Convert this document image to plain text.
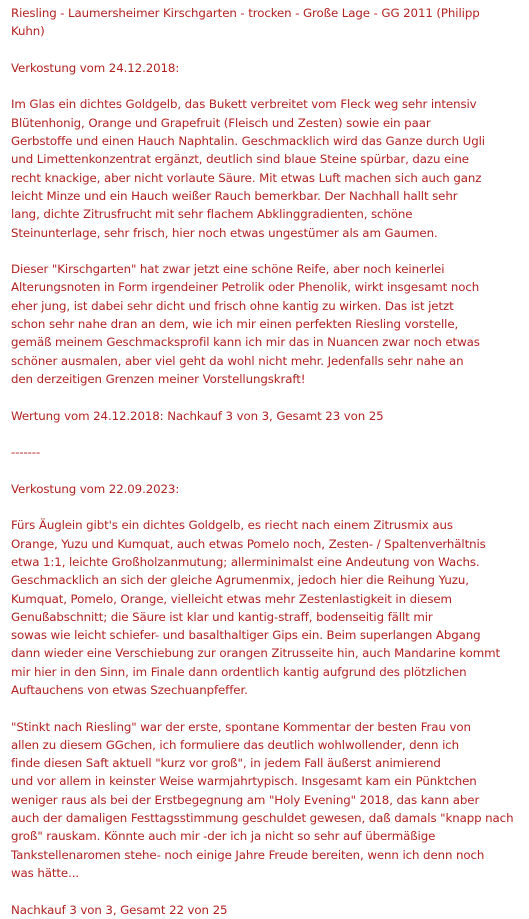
Riesling - Laumersheimer Kirschgarten - trocken - Große Lage - GG 2011 (Philipp
Kuhn)
Verkostung vom 24.12.2018:
Im Glas ein dichtes Goldgelb, das Bukett verbreitet vom Fleck weg sehr intensiv
Blütenhonig, Orange und Grapefruit (Fleisch und Zesten) sowie ein paar
Gerbstoffe und einen Hauch Naphtalin. Geschmacklich wird das Ganze durch Ugli
und Limettenkonzentrat ergänzt, deutlich sind blaue Steine spürbar, dazu eine
recht knackige, aber nicht vorlaute Säure. Mit etwas Luft machen sich auch ganz
leicht Minze und ein Hauch weißer Rauch bemerkbar. Der Nachhall hallt sehr
lang, dichte Zitrusfrucht mit sehr flachem Abklinggradienten, schöne
Steinunterlage, sehr frisch, hier noch etwas ungestümer als am Gaumen.
Dieser "Kirschgarten" hat zwar jetzt eine schöne Reife, aber noch keinerlei
Alterungsnoten in Form irgendeiner Petrolik oder Phenolik, wirkt insgesamt noch
eher jung, ist dabei sehr dicht und frisch ohne kantig zu wirken. Das ist jetzt
schon sehr nahe dran an dem, wie ich mir einen perfekten Riesling vorstelle,
gemäß meinem Geschmacksprofil kann ich mir das in Nuancen zwar noch etwas
schöner ausmalen, aber viel geht da wohl nicht mehr. Jedenfalls sehr nahe an
den derzeitigen Grenzen meiner Vorstellungskraft!
Wertung vom 24.12.2018: Nachkauf 3 von 3, Gesamt 23 von 25
-------
Verkostung vom 22.09.2023:
Fürs Äuglein gibt's ein dichtes Goldgelb, es riecht nach einem Zitrusmix aus
Orange, Yuzu und Kumquat, auch etwas Pomelo noch, Zesten- / Spaltenverhältnis
etwa 1:1, leichte Großholzanmutung; allerminimalst eine Andeutung von Wachs.
Geschmacklich an sich der gleiche Agrumenmix, jedoch hier die Reihung Yuzu,
Kumquat, Pomelo, Orange, vielleicht etwas mehr Zestenlastigkeit in diesem
Genußabschnitt; die Säure ist klar und kantig-straff, bodenseitig fällt mir
sowas wie leicht schiefer- und basalthaltiger Gips ein. Beim superlangen Abgang
dann wieder eine Verschiebung zur orangen Zitrusseite hin, auch Mandarine kommt
mir hier in den Sinn, im Finale dann ordentlich kantig aufgrund des plötzlichen
Auftauchens von etwas Szechuanpfeffer.
"Stinkt nach Riesling" war der erste, spontane Kommentar der besten Frau von
allen zu diesem GGchen, ich formuliere das deutlich wohlwollender, denn ich
finde diesen Saft aktuell "kurz vor groß", in jedem Fall äußerst animierend
und vor allem in keinster Weise warmjahrtypisch. Insgesamt kam ein Pünktchen
weniger raus als bei der Erstbegegnung am "Holy Evening" 2018, das kann aber
auch der damaligen Festtagsstimmung geschuldet gewesen, daß damals "knapp nach
groß" rauskam. Könnte auch mir -der ich ja nicht so sehr auf übermäßige
Tankstellenaromen stehe- noch einige Jahre Freude bereiten, wenn ich denn noch
was hätte...
Nachkauf 3 von 3, Gesamt 22 von 25
